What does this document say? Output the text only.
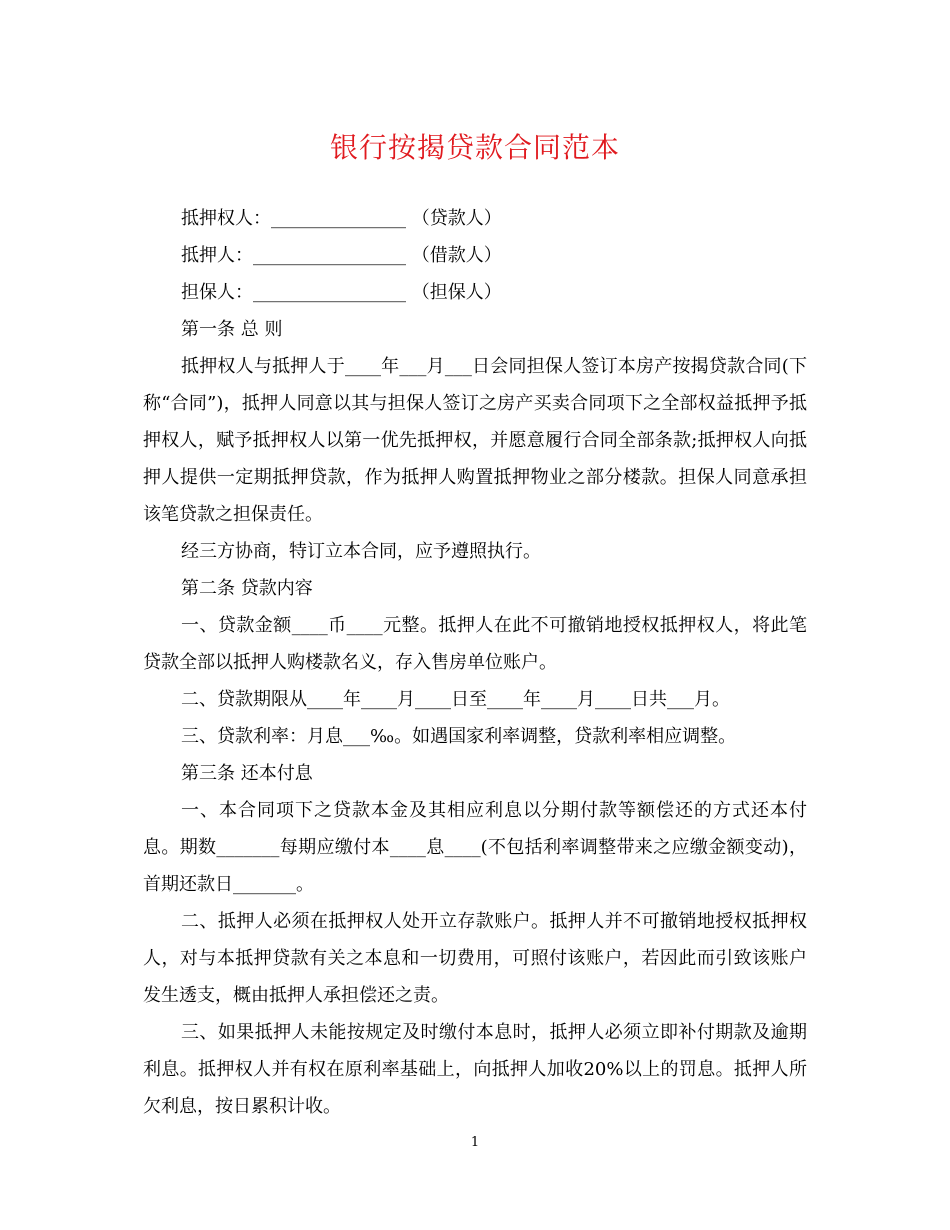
银行按揭贷款合同范本
抵押权人：_______________ （贷款人）
抵押人：_________________ （借款人）
担保人：_________________ （担保人）
第一条 总 则
抵押权人与抵押人于____年___月___日会同担保人签订本房产按揭贷款合同(下称“合同”)，抵押人同意以其与担保人签订之房产买卖合同项下之全部权益抵押予抵押权人，赋予抵押权人以第一优先抵押权，并愿意履行合同全部条款;抵押权人向抵押人提供一定期抵押贷款，作为抵押人购置抵押物业之部分楼款。担保人同意承担该笔贷款之担保责任。
经三方协商，特订立本合同，应予遵照执行。
第二条 贷款内容
一、贷款金额____币____元整。抵押人在此不可撤销地授权抵押权人，将此笔贷款全部以抵押人购楼款名义，存入售房单位账户。
二、贷款期限从____年____月____日至____年____月____日共___月。
三、贷款利率：月息___‰。如遇国家利率调整，贷款利率相应调整。
第三条 还本付息
一、本合同项下之贷款本金及其相应利息以分期付款等额偿还的方式还本付息。期数_______每期应缴付本____息____(不包括利率调整带来之应缴金额变动)，首期还款日_______。
二、抵押人必须在抵押权人处开立存款账户。抵押人并不可撤销地授权抵押权人，对与本抵押贷款有关之本息和一切费用，可照付该账户，若因此而引致该账户发生透支，概由抵押人承担偿还之责。
三、如果抵押人未能按规定及时缴付本息时，抵押人必须立即补付期款及逾期利息。抵押权人并有权在原利率基础上，向抵押人加收20%以上的罚息。抵押人所欠利息，按日累积计收。
1
